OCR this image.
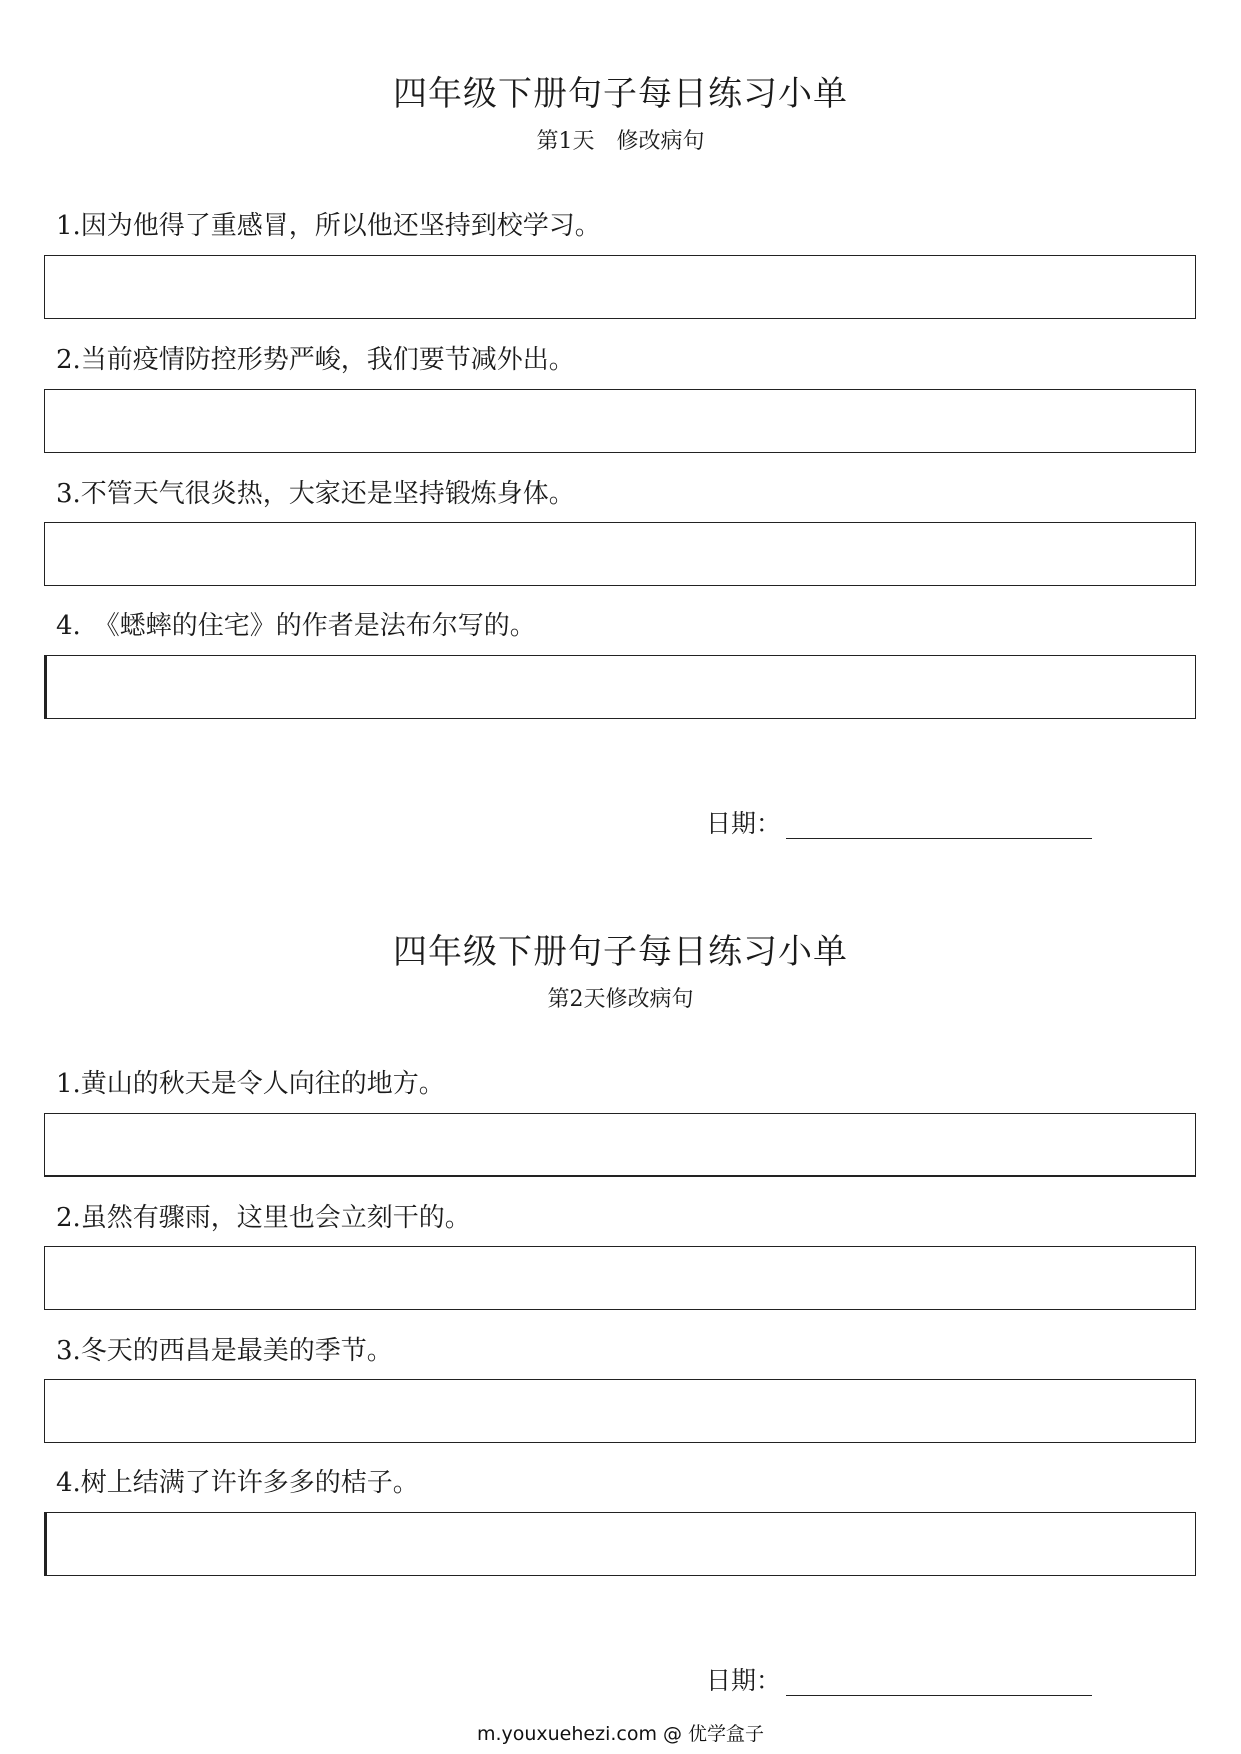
四年级下册句子每日练习小单
第1天　修改病句
1.因为他得了重感冒，所以他还坚持到校学习。
2.当前疫情防控形势严峻，我们要节减外出。
3.不管天气很炎热，大家还是坚持锻炼身体。
4.　《蟋蟀的住宅》的作者是法布尔写的。
日期：
四年级下册句子每日练习小单
第2天修改病句
1.黄山的秋天是令人向往的地方。
2.虽然有骤雨，这里也会立刻干的。
3.冬天的西昌是最美的季节。
4.树上结满了许许多多的桔子。
日期：
m.youxuehezi.com @ 优学盒子
